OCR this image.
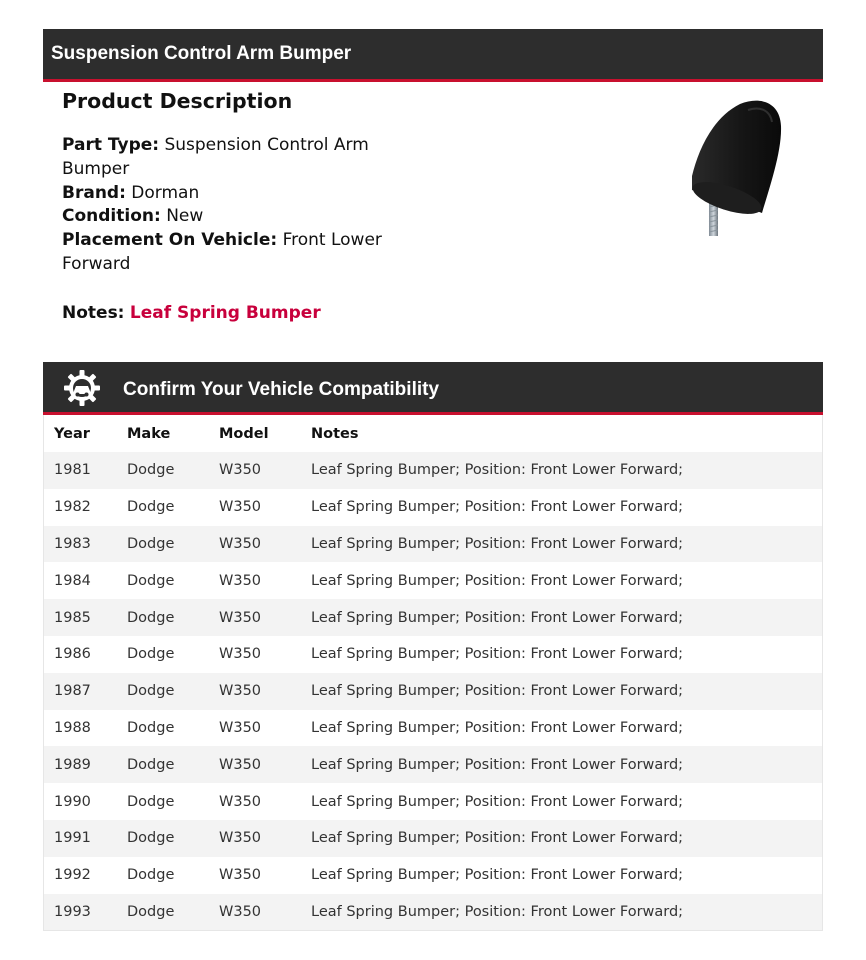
Suspension Control Arm Bumper
Product Description
Part Type: Suspension Control Arm Bumper
Brand: Dorman
Condition: New
Placement On Vehicle: Front Lower Forward
Notes: Leaf Spring Bumper
Confirm Your Vehicle Compatibility
Year	Make	Model	Notes
1981	Dodge	W350	Leaf Spring Bumper; Position: Front Lower Forward;
1982	Dodge	W350	Leaf Spring Bumper; Position: Front Lower Forward;
1983	Dodge	W350	Leaf Spring Bumper; Position: Front Lower Forward;
1984	Dodge	W350	Leaf Spring Bumper; Position: Front Lower Forward;
1985	Dodge	W350	Leaf Spring Bumper; Position: Front Lower Forward;
1986	Dodge	W350	Leaf Spring Bumper; Position: Front Lower Forward;
1987	Dodge	W350	Leaf Spring Bumper; Position: Front Lower Forward;
1988	Dodge	W350	Leaf Spring Bumper; Position: Front Lower Forward;
1989	Dodge	W350	Leaf Spring Bumper; Position: Front Lower Forward;
1990	Dodge	W350	Leaf Spring Bumper; Position: Front Lower Forward;
1991	Dodge	W350	Leaf Spring Bumper; Position: Front Lower Forward;
1992	Dodge	W350	Leaf Spring Bumper; Position: Front Lower Forward;
1993	Dodge	W350	Leaf Spring Bumper; Position: Front Lower Forward;
